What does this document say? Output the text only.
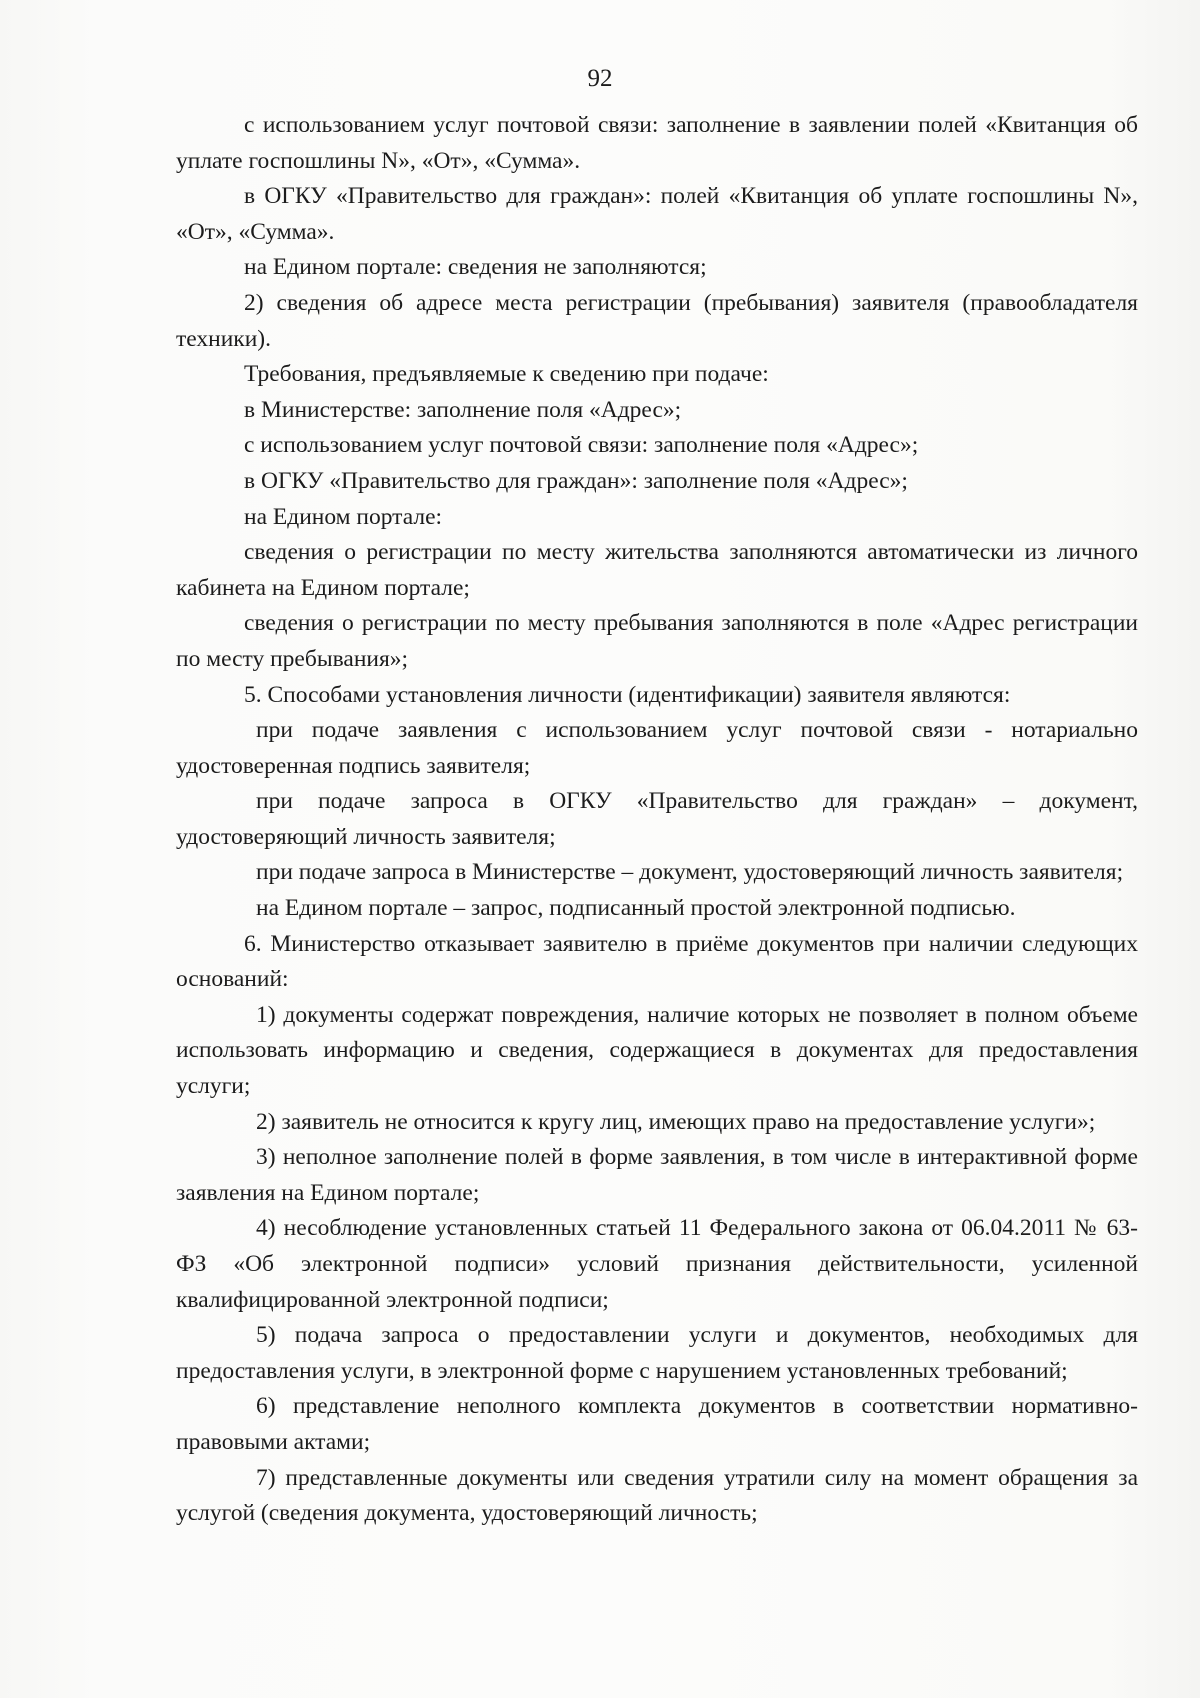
92

с использованием услуг почтовой связи: заполнение в заявлении полей «Квитанция об уплате госпошлины N», «От», «Сумма».

в ОГКУ «Правительство для граждан»: полей «Квитанция об уплате госпошлины N», «От», «Сумма».

на Едином портале: сведения не заполняются;

2) сведения об адресе места регистрации (пребывания) заявителя (правообладателя техники).

Требования, предъявляемые к сведению при подаче:

в Министерстве: заполнение поля «Адрес»;

с использованием услуг почтовой связи: заполнение поля «Адрес»;

в ОГКУ «Правительство для граждан»: заполнение поля «Адрес»;

на Едином портале:

сведения о регистрации по месту жительства заполняются автоматически из личного кабинета на Едином портале;

сведения о регистрации по месту пребывания заполняются в поле «Адрес регистрации по месту пребывания»;

5. Способами установления личности (идентификации) заявителя являются:

при подаче заявления с использованием услуг почтовой связи - нотариально удостоверенная подпись заявителя;

при подаче запроса в ОГКУ «Правительство для граждан» – документ, удостоверяющий личность заявителя;

при подаче запроса в Министерстве – документ, удостоверяющий личность заявителя;

на Едином портале – запрос, подписанный простой электронной подписью.

6. Министерство отказывает заявителю в приёме документов при наличии следующих оснований:

1) документы содержат повреждения, наличие которых не позволяет в полном объеме использовать информацию и сведения, содержащиеся в документах для предоставления услуги;

2) заявитель не относится к кругу лиц, имеющих право на предоставление услуги»;

3) неполное заполнение полей в форме заявления, в том числе в интерактивной форме заявления на Едином портале;

4) несоблюдение установленных статьей 11 Федерального закона от 06.04.2011 № 63-ФЗ «Об электронной подписи» условий признания действительности, усиленной квалифицированной электронной подписи;

5) подача запроса о предоставлении услуги и документов, необходимых для предоставления услуги, в электронной форме с нарушением установленных требований;

6) представление неполного комплекта документов в соответствии нормативно-правовыми актами;

7) представленные документы или сведения утратили силу на момент обращения за услугой (сведения документа, удостоверяющий личность;
